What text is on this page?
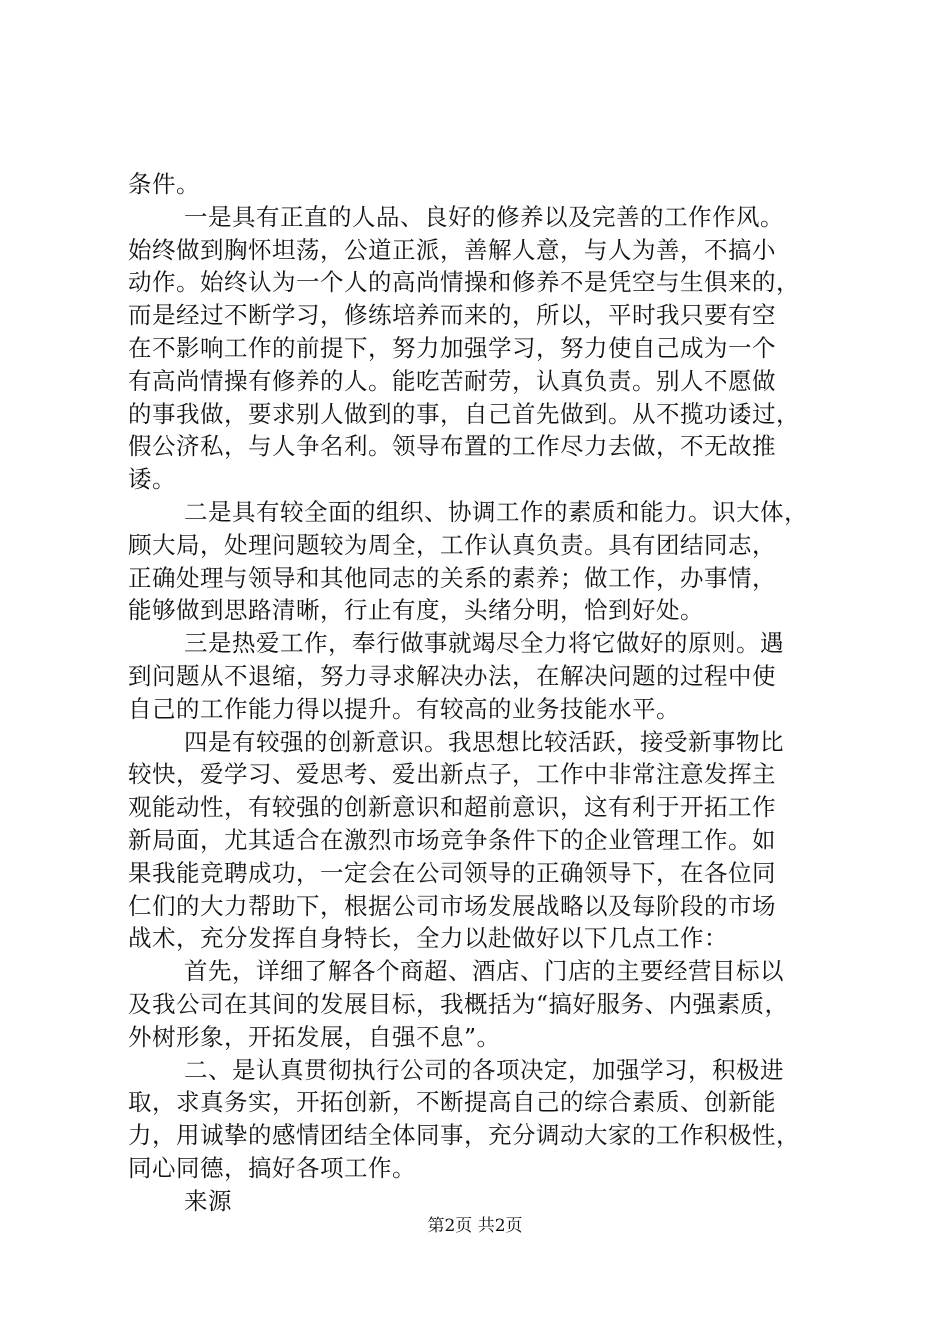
条件。
一是具有正直的人品、良好的修养以及完善的工作作风。
始终做到胸怀坦荡，公道正派，善解人意，与人为善，不搞小
动作。始终认为一个人的高尚情操和修养不是凭空与生俱来的，
而是经过不断学习，修练培养而来的，所以，平时我只要有空
在不影响工作的前提下，努力加强学习，努力使自己成为一个
有高尚情操有修养的人。能吃苦耐劳，认真负责。别人不愿做
的事我做，要求别人做到的事，自己首先做到。从不揽功诿过，
假公济私，与人争名利。领导布置的工作尽力去做，不无故推
诿。
二是具有较全面的组织、协调工作的素质和能力。识大体，
顾大局，处理问题较为周全，工作认真负责。具有团结同志，
正确处理与领导和其他同志的关系的素养；做工作，办事情，
能够做到思路清晰，行止有度，头绪分明，恰到好处。
三是热爱工作，奉行做事就竭尽全力将它做好的原则。遇
到问题从不退缩，努力寻求解决办法，在解决问题的过程中使
自己的工作能力得以提升。有较高的业务技能水平。
四是有较强的创新意识。我思想比较活跃，接受新事物比
较快，爱学习、爱思考、爱出新点子，工作中非常注意发挥主
观能动性，有较强的创新意识和超前意识，这有利于开拓工作
新局面，尤其适合在激烈市场竞争条件下的企业管理工作。如
果我能竞聘成功，一定会在公司领导的正确领导下，在各位同
仁们的大力帮助下，根据公司市场发展战略以及每阶段的市场
战术，充分发挥自身特长，全力以赴做好以下几点工作：
首先，详细了解各个商超、酒店、门店的主要经营目标以
及我公司在其间的发展目标，我概括为“搞好服务、内强素质，
外树形象，开拓发展，自强不息”。
二、是认真贯彻执行公司的各项决定，加强学习，积极进
取，求真务实，开拓创新，不断提高自己的综合素质、创新能
力，用诚挚的感情团结全体同事，充分调动大家的工作积极性，
同心同德，搞好各项工作。
来源
第2页 共2页
